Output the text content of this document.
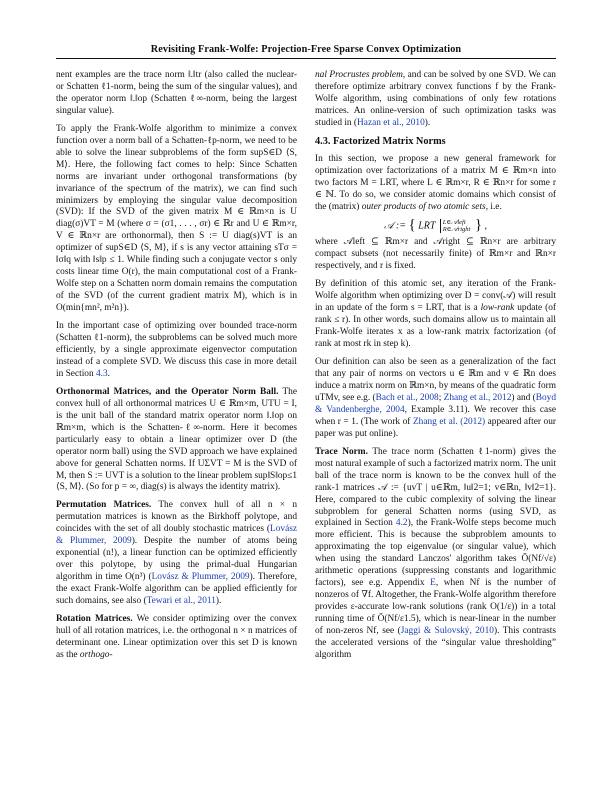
Revisiting Frank-Wolfe: Projection-Free Sparse Convex Optimization

nent examples are the trace norm ‖.‖tr (also called the nuclear- or Schatten ℓ1-norm, being the sum of the singular values), and the operator norm ‖.‖op (Schatten ℓ∞-norm, being the largest singular value).

To apply the Frank-Wolfe algorithm to minimize a convex function over a norm ball of a Schatten-ℓp-norm, we need to be able to solve the linear subproblems of the form supS∈D ⟨S, M⟩. Here, the following fact comes to help: Since Schatten norms are invariant under orthogonal transformations (by invariance of the spectrum of the matrix), we can find such minimizers by employing the singular value decomposition (SVD): If the SVD of the given matrix M ∈ ℝm×n is U diag(σ)VT = M (where σ = (σ1, . . . , σr) ∈ ℝr and U ∈ ℝm×r, V ∈ ℝn×r are orthonormal), then S := U diag(s)VT is an optimizer of supS∈D ⟨S, M⟩, if s is any vector attaining sTσ = ‖σ‖q with ‖s‖p ≤ 1. While finding such a conjugate vector s only costs linear time O(r), the main computational cost of a Frank-Wolfe step on a Schatten norm domain remains the computation of the SVD (of the current gradient matrix M), which is in O(min{mn², m²n}).

In the important case of optimizing over bounded trace-norm (Schatten ℓ1-norm), the subproblems can be solved much more efficiently, by a single approximate eigenvector computation instead of a complete SVD. We discuss this case in more detail in Section 4.3.

Orthonormal Matrices, and the Operator Norm Ball. The convex hull of all orthonormal matrices U ∈ ℝm×m, UTU = I, is the unit ball of the standard matrix operator norm ‖.‖op on ℝm×m, which is the Schatten-ℓ∞-norm. Here it becomes particularly easy to obtain a linear optimizer over D (the operator norm ball) using the SVD approach we have explained above for general Schatten norms. If UΣVT = M is the SVD of M, then S := UVT is a solution to the linear problem sup‖S‖op≤1 ⟨S, M⟩. (So for p = ∞, diag(s) is always the identity matrix).

Permutation Matrices. The convex hull of all n × n permutation matrices is known as the Birkhoff polytope, and coincides with the set of all doubly stochastic matrices (Lovász & Plummer, 2009). Despite the number of atoms being exponential (n!), a linear function can be optimized efficiently over this polytope, by using the primal-dual Hungarian algorithm in time O(n³) (Lovász & Plummer, 2009). Therefore, the exact Frank-Wolfe algorithm can be applied efficiently for such domains, see also (Tewari et al., 2011).

Rotation Matrices. We consider optimizing over the convex hull of all rotation matrices, i.e. the orthogonal n × n matrices of determinant one. Linear optimization over this set D is known as the orthogo-

nal Procrustes problem, and can be solved by one SVD. We can therefore optimize arbitrary convex functions f by the Frank-Wolfe algorithm, using combinations of only few rotations matrices. An online-version of such optimization tasks was studied in (Hazan et al., 2010).

4.3. Factorized Matrix Norms

In this section, we propose a new general framework for optimization over factorizations of a matrix M ∈ ℝm×n into two factors M = LRT, where L ∈ ℝm×r, R ∈ ℝn×r for some r ∈ ℕ. To do so, we consider atomic domains which consist of the (matrix) outer products of two atomic sets, i.e.

𝒜 := { LRT L∈𝒜left
R∈𝒜right } ,

where 𝒜left ⊆ ℝm×r and 𝒜right ⊆ ℝn×r are arbitrary compact subsets (not necessarily finite) of ℝm×r and ℝn×r respectively, and r is fixed.

By definition of this atomic set, any iteration of the Frank-Wolfe algorithm when optimizing over D = conv(𝒜) will result in an update of the form s = LRT, that is a low-rank update (of rank ≤ r). In other words, such domains allow us to maintain all Frank-Wolfe iterates x as a low-rank matrix factorization (of rank at most rk in step k).

Our definition can also be seen as a generalization of the fact that any pair of norms on vectors u ∈ ℝm and v ∈ ℝn does induce a matrix norm on ℝm×n, by means of the quadratic form uTMv, see e.g. (Bach et al., 2008; Zhang et al., 2012) and (Boyd & Vandenberghe, 2004, Example 3.11). We recover this case when r = 1. (The work of Zhang et al. (2012) appeared after our paper was put online).

Trace Norm. The trace norm (Schatten ℓ1-norm) gives the most natural example of such a factorized matrix norm. The unit ball of the trace norm is known to be the convex hull of the rank-1 matrices 𝒜 := {uvT | u∈ℝm, ‖u‖2=1; v∈ℝn, ‖v‖2=1}. Here, compared to the cubic complexity of solving the linear subproblem for general Schatten norms (using SVD, as explained in Section 4.2), the Frank-Wolfe steps become much more efficient. This is because the subproblem amounts to approximating the top eigenvalue (or singular value), which when using the standard Lanczos' algorithm takes Õ(Nf/√ε) arithmetic operations (suppressing constants and logarithmic factors), see e.g. Appendix E, when Nf is the number of nonzeros of ∇f. Altogether, the Frank-Wolfe algorithm therefore provides ε-accurate low-rank solutions (rank O(1/ε)) in a total running time of Õ(Nf/ε1.5), which is near-linear in the number of non-zeros Nf, see (Jaggi & Sulovský, 2010). This contrasts the accelerated versions of the “singular value thresholding” algorithm
